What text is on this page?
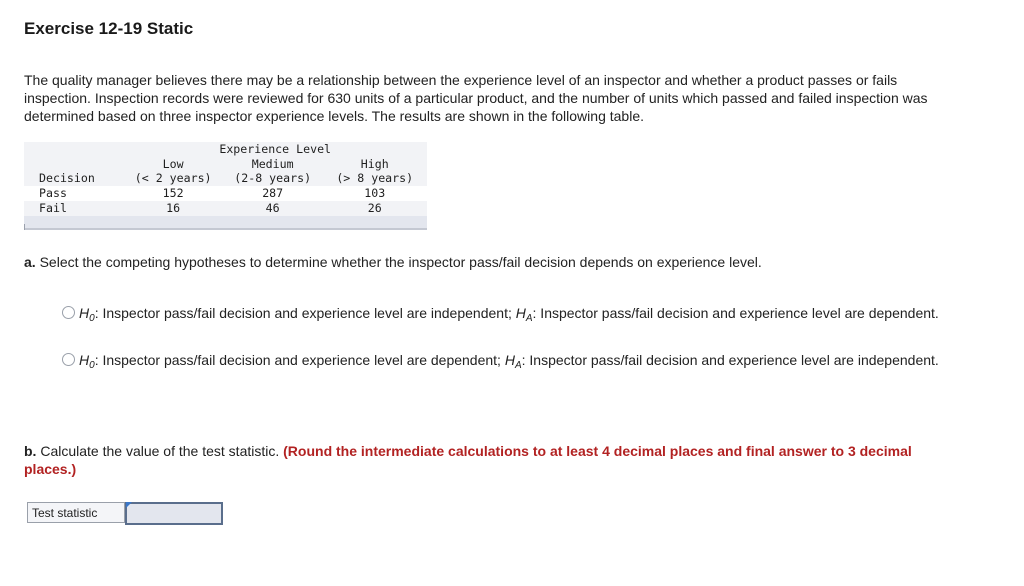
Exercise 12-19 Static
The quality manager believes there may be a relationship between the experience level of an inspector and whether a product passes or fails inspection. Inspection records were reviewed for 630 units of a particular product, and the number of units which passed and failed inspection was determined based on three inspector experience levels. The results are shown in the following table.
	Experience Level		
	Low	Medium	High
Decision	(< 2 years)	(2-8 years)	(> 8 years)
Pass	152	287	103
Fail	16	46	26
a. Select the competing hypotheses to determine whether the inspector pass/fail decision depends on experience level.
$H_0$: Inspector pass/fail decision and experience level are independent; $H_A$: Inspector pass/fail decision and experience level are dependent.
$H_0$: Inspector pass/fail decision and experience level are dependent; $H_A$: Inspector pass/fail decision and experience level are independent.
b. Calculate the value of the test statistic. (Round the intermediate calculations to at least 4 decimal places and final answer to 3 decimal places.)
Test statistic
